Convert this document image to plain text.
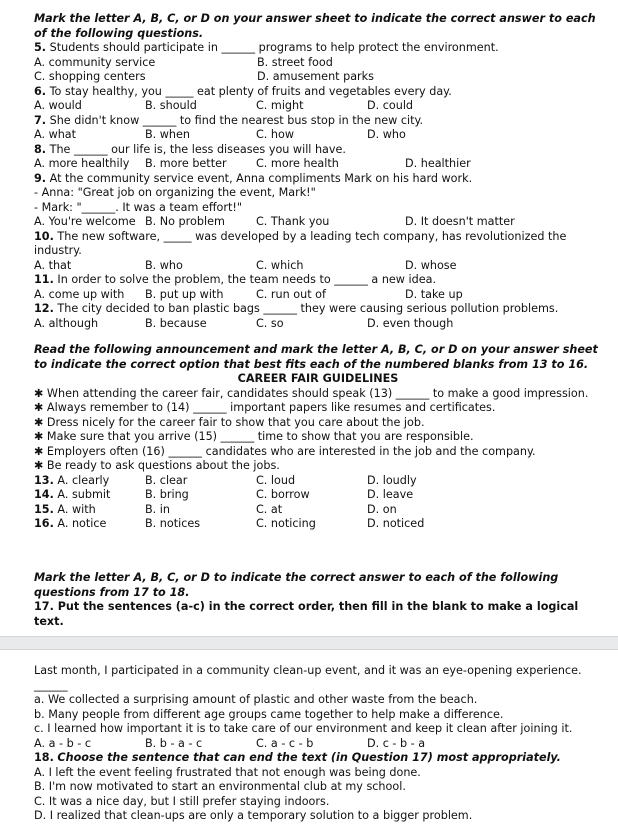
Mark the letter A, B, C, or D on your answer sheet to indicate the correct answer to each of the following questions.
5. Students should participate in ______ programs to help protect the environment.
A. community service	B. street food
C. shopping centers	D. amusement parks
6. To stay healthy, you _____ eat plenty of fruits and vegetables every day.
A. would	B. should	C. might	D. could
7. She didn't know ______ to find the nearest bus stop in the new city.
A. what	B. when	C. how	D. who
8. The ______ our life is, the less diseases you will have.
A. more healthily	B. more better	C. more health	D. healthier
9. At the community service event, Anna compliments Mark on his hard work.
- Anna: "Great job on organizing the event, Mark!"
- Mark: "______. It was a team effort!"
A. You're welcome B. No problem	C. Thank you	D. It doesn't matter
10. The new software, _____ was developed by a leading tech company, has revolutionized the industry.
A. that	B. who	C. which	D. whose
11. In order to solve the problem, the team needs to ______ a new idea.
A. come up with	B. put up with	C. run out of	D. take up
12. The city decided to ban plastic bags ______ they were causing serious pollution problems.
A. although	B. because	C. so	D. even though
Read the following announcement and mark the letter A, B, C, or D on your answer sheet to indicate the correct option that best fits each of the numbered blanks from 13 to 16.
CAREER FAIR GUIDELINES
✱ When attending the career fair, candidates should speak (13) ______ to make a good impression.
✱ Always remember to (14) ______ important papers like resumes and certificates.
✱ Dress nicely for the career fair to show that you care about the job.
✱ Make sure that you arrive (15) ______ time to show that you are responsible.
✱ Employers often (16) ______ candidates who are interested in the job and the company.
✱ Be ready to ask questions about the jobs.
13. A. clearly	B. clear	C. loud	D. loudly
14. A. submit	B. bring	C. borrow	D. leave
15. A. with	B. in	C. at	D. on
16. A. notice	B. notices	C. noticing	D. noticed
Mark the letter A, B, C, or D to indicate the correct answer to each of the following questions from 17 to 18.
17. Put the sentences (a-c) in the correct order, then fill in the blank to make a logical text.
Last month, I participated in a community clean-up event, and it was an eye-opening experience.
______
a. We collected a surprising amount of plastic and other waste from the beach.
b. Many people from different age groups came together to help make a difference.
c. I learned how important it is to take care of our environment and keep it clean after joining it.
A. a - b - c	B. b - a - c	C. a - c - b	D. c - b - a
18. Choose the sentence that can end the text (in Question 17) most appropriately.
A. I left the event feeling frustrated that not enough was being done.
B. I'm now motivated to start an environmental club at my school.
C. It was a nice day, but I still prefer staying indoors.
D. I realized that clean-ups are only a temporary solution to a bigger problem.
